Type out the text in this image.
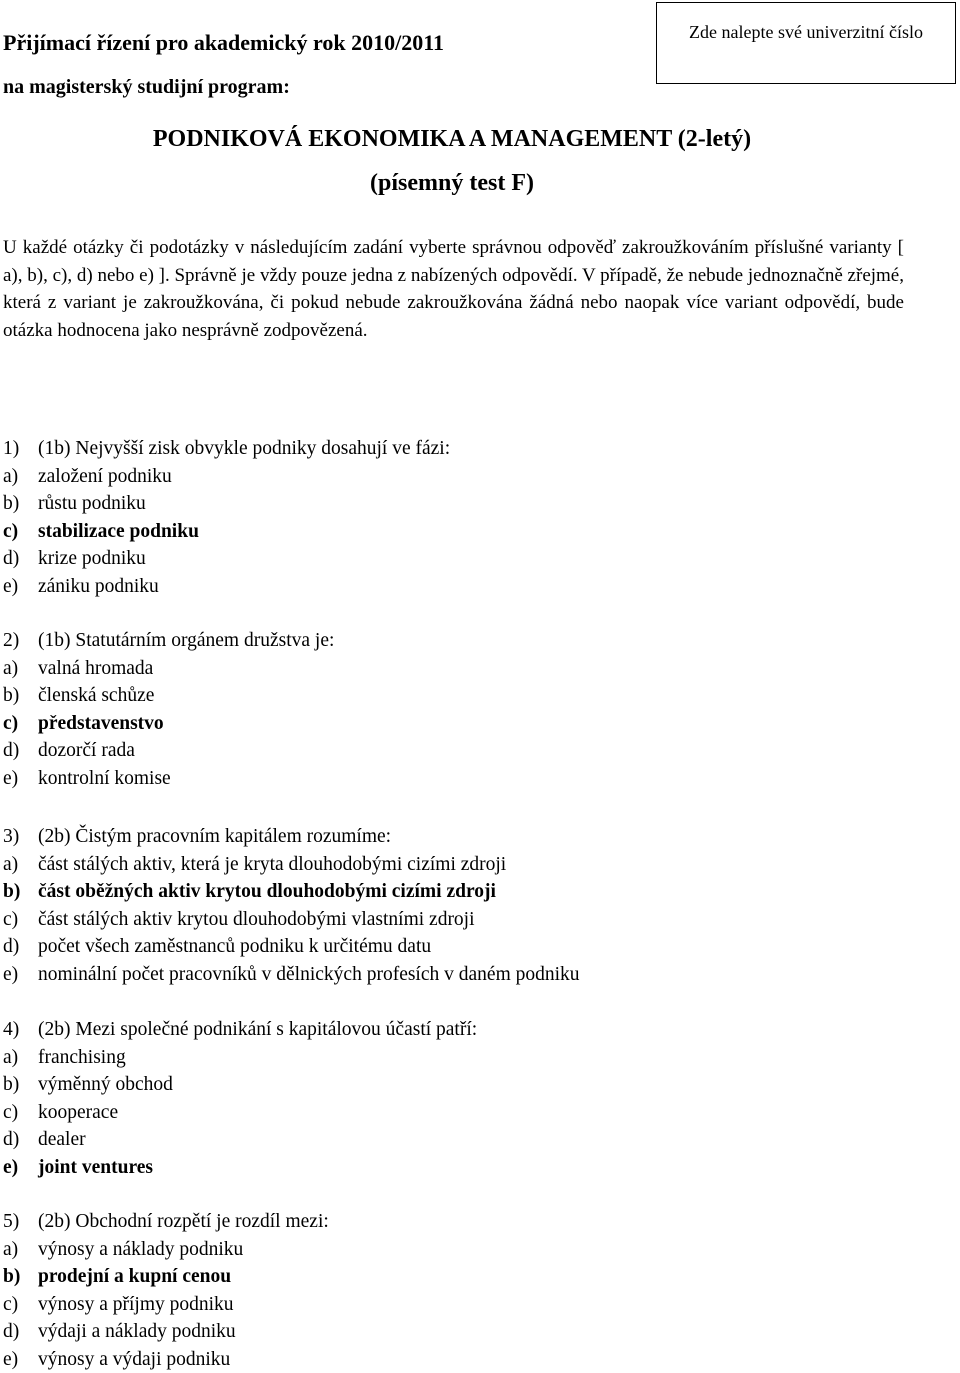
Přijímací řízení pro akademický rok 2010/2011
na magisterský studijní program:
Zde nalepte své univerzitní číslo
PODNIKOVÁ EKONOMIKA A MANAGEMENT (2-letý)
(písemný test F)

U každé otázky či podotázky v následujícím zadání vyberte správnou odpověď zakroužkováním příslušné varianty [ a), b), c), d) nebo e) ]. Správně je vždy pouze jedna z nabízených odpovědí. V případě, že nebude jednoznačně zřejmé, která z variant je zakroužkována, či pokud nebude zakroužkována žádná nebo naopak více variant odpovědí, bude otázka hodnocena jako nesprávně zodpovězená.

1) (1b) Nejvyšší zisk obvykle podniky dosahují ve fázi:
a) založení podniku
b) růstu podniku
c) stabilizace podniku
d) krize podniku
e) zániku podniku
2) (1b) Statutárním orgánem družstva je:
a) valná hromada
b) členská schůze
c) představenstvo
d) dozorčí rada
e) kontrolní komise
3) (2b) Čistým pracovním kapitálem rozumíme:
a) část stálých aktiv, která je kryta dlouhodobými cizími zdroji
b) část oběžných aktiv krytou dlouhodobými cizími zdroji
c) část stálých aktiv krytou dlouhodobými vlastními zdroji
d) počet všech zaměstnanců podniku k určitému datu
e) nominální počet pracovníků v dělnických profesích v daném podniku
4) (2b) Mezi společné podnikání s kapitálovou účastí patří:
a) franchising
b) výměnný obchod
c) kooperace
d) dealer
e) joint ventures
5) (2b) Obchodní rozpětí je rozdíl mezi:
a) výnosy a náklady podniku
b) prodejní a kupní cenou
c) výnosy a příjmy podniku
d) výdaji a náklady podniku
e) výnosy a výdaji podniku
